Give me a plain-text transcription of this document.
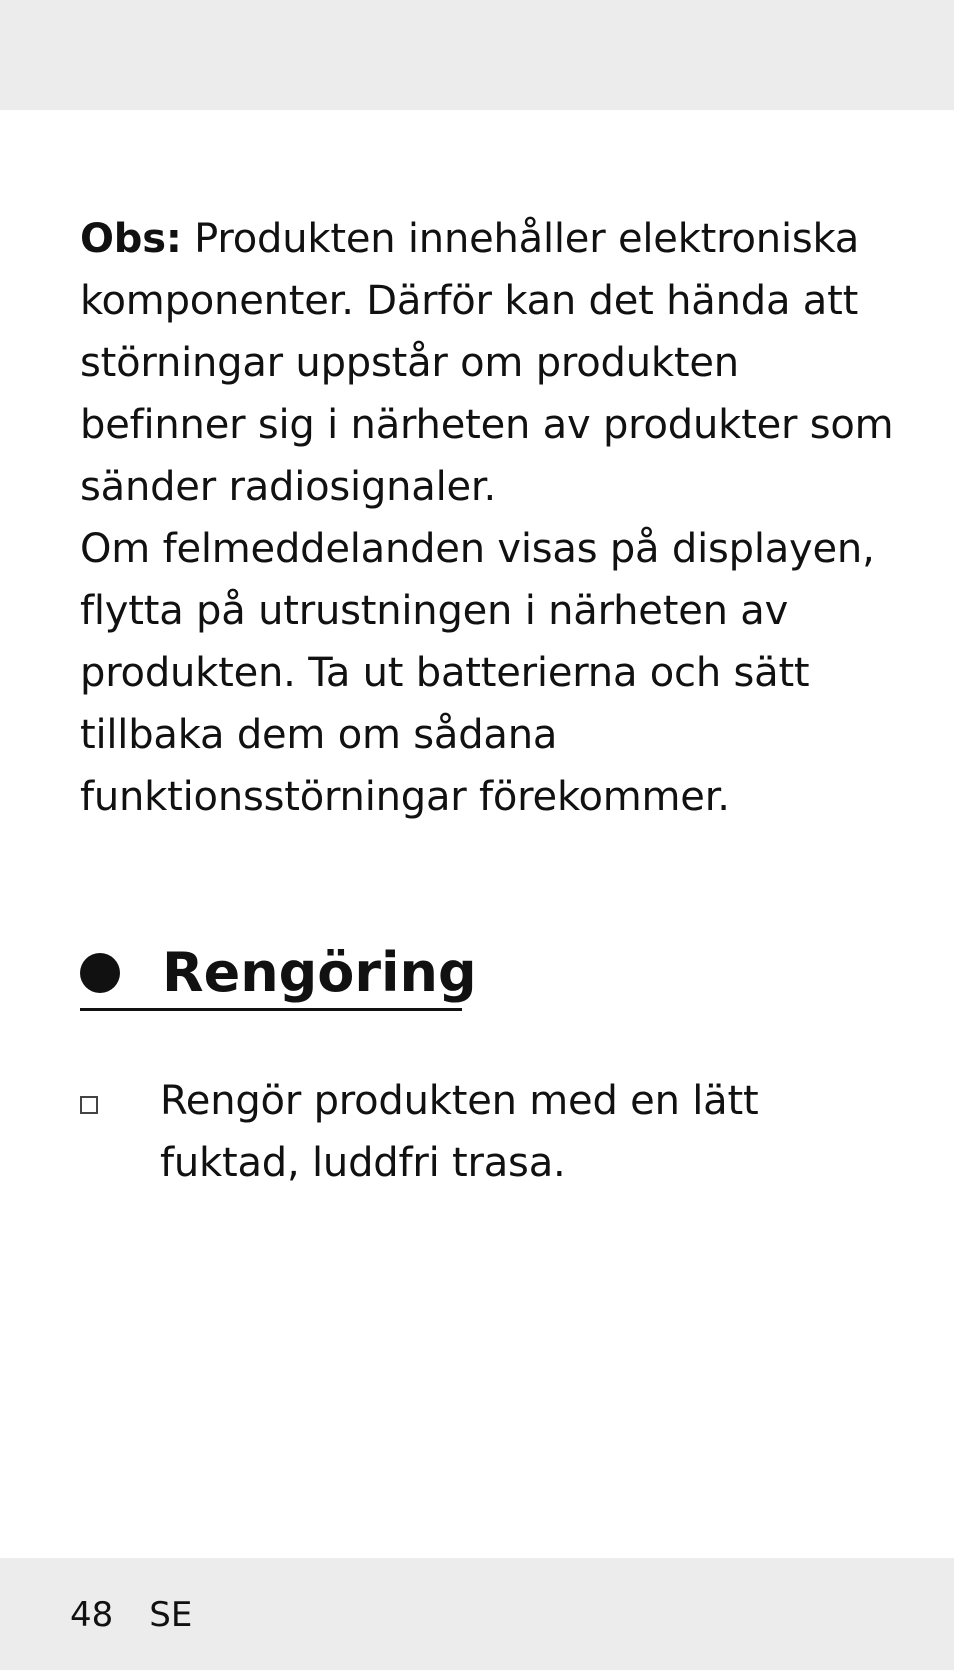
Obs: Produkten innehåller elektroniska komponenter. Därför kan det hända att störningar uppstår om produkten befinner sig i närheten av produkter som sänder radiosignaler.

Om felmeddelanden visas på displayen, flytta på utrustningen i närheten av produkten. Ta ut batterierna och sätt tillbaka dem om sådana funktionsstörningar förekommer.

Rengöring

Rengör produkten med en lätt fuktad, luddfri trasa.

48 SE
